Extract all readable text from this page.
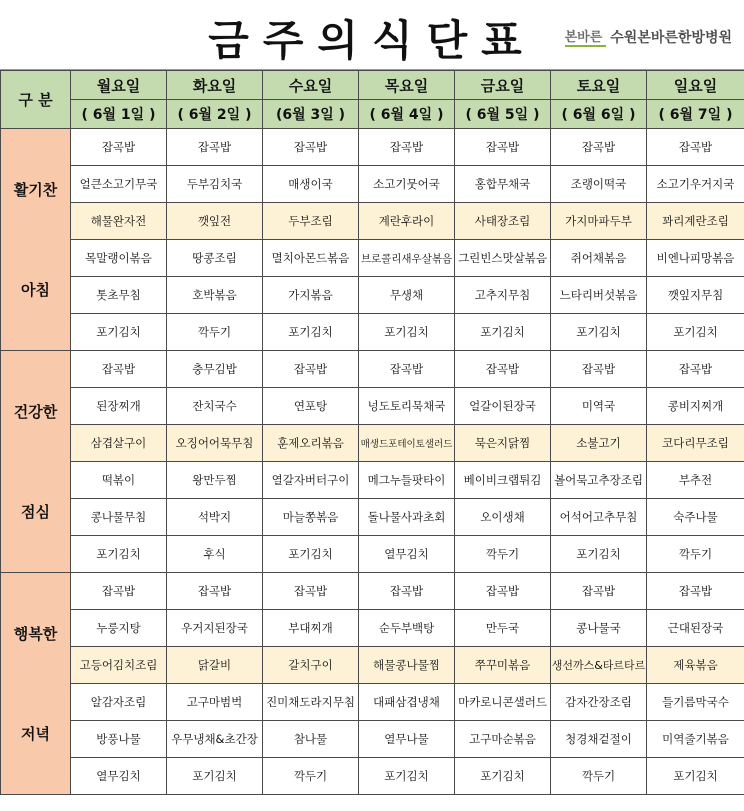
금주의식단표	본바른 수원본바른한방병원
구 분	월요일	화요일	수요일	목요일	금요일	토요일	일요일
	( 6월 1일 )	( 6월 2일 )	(6월 3일 )	( 6월 4일 )	( 6월 5일 )	( 6월 6일 )	( 6월 7일 )

활기찬
아침	잡곡밥	잡곡밥	잡곡밥	잡곡밥	잡곡밥	잡곡밥	잡곡밥
	얼큰소고기무국	두부김치국	매생이국	소고기뭇어국	홍합무채국	조랭이떡국	소고기우거지국
	해물완자전	깻잎전	두부조림	계란후라이	사태장조림	가지마파두부	꽈리계란조림
	목말랭이볶음	땅콩조림	멸치아몬드볶음	브로콜리새우살볶음	그린빈스맛살볶음	쥐어채볶음	비엔나피망볶음
	톳초무침	호박볶음	가지볶음	무생채	고추지무침	느타리버섯볶음	깻잎지무침
	포기김치	깍두기	포기김치	포기김치	포기김치	포기김치	포기김치

건강한
점심	잡곡밥	충무김밥	잡곡밥	잡곡밥	잡곡밥	잡곡밥	잡곡밥
	된장찌개	잔치국수	연포탕	넝도토리묵채국	얼갈이된장국	미역국	콩비지찌개
	삼겹살구이	오징어어묵무침	훈제오리볶음	매생드포테이토샐러드	묵은지닭찜	소불고기	코다리무조림
	떡볶이	왕만두찜	열갈자버터구이	메그누들팟타이	베이비크랩튀김	볼어묵고추장조림	부추전
	콩나물무침	석박지	마늘쫑볶음	돌나물사과초회	오이생채	어석어고추무침	숙주나물
	포기김치	후식	포기김치	열무김치	깍두기	포기김치	깍두기

행복한
저녁	잡곡밥	잡곡밥	잡곡밥	잡곡밥	잡곡밥	잡곡밥	잡곡밥
	누룽지탕	우거지된장국	부대찌개	순두부백탕	만두국	콩나물국	근대된장국
	고등어김치조림	닭갈비	갈치구이	해물콩나물찜	쭈꾸미볶음	생선까스&타르타르	제육볶음
	알감자조림	고구마범벅	진미채도라지무침	대패삼겹냉채	마카로니콘샐러드	감자간장조림	들기름막국수
	방풍나물	우무냉채&초간장	참나물	열무나물	고구마순볶음	청경채겉절이	미역줄기볶음
	열무김치	포기김치	깍두기	포기김치	포기김치	깍두기	포기김치
